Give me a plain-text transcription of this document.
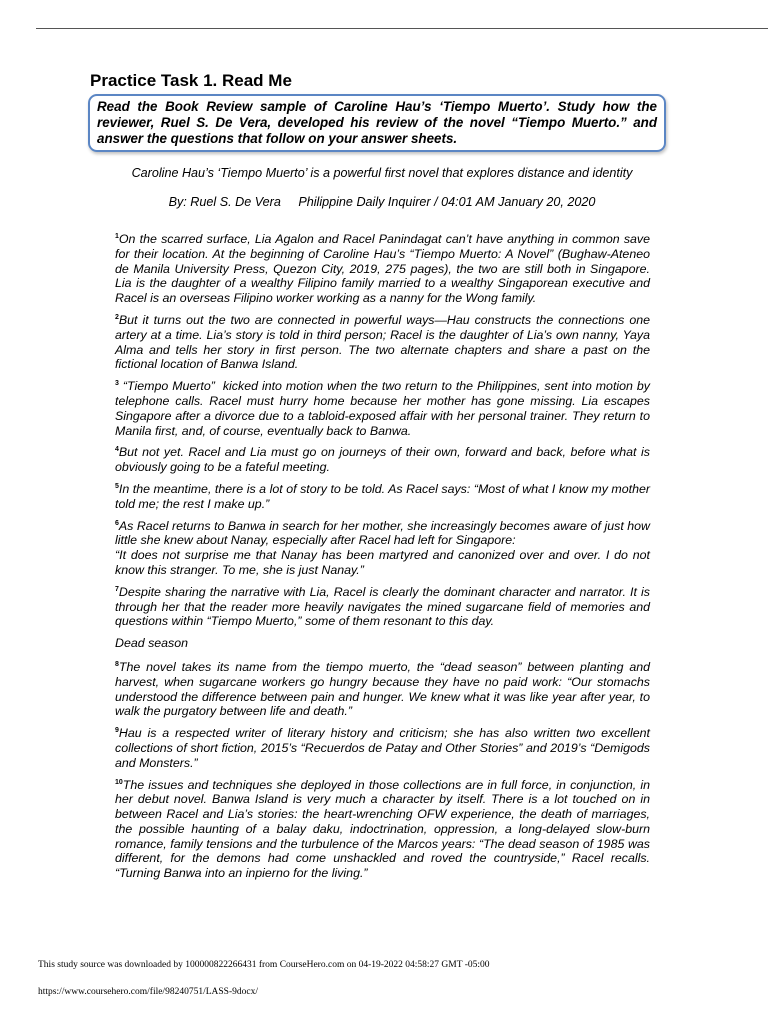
Practice Task 1. Read Me
Read the Book Review sample of Caroline Hau’s ‘Tiempo Muerto’. Study how the reviewer, Ruel S. De Vera, developed his review of the novel “Tiempo Muerto.” and answer the questions that follow on your answer sheets.
Caroline Hau’s ‘Tiempo Muerto’ is a powerful first novel that explores distance and identity
By: Ruel S. De Vera     Philippine Daily Inquirer / 04:01 AM January 20, 2020

$^1$On the scarred surface, Lia Agalon and Racel Panindagat can’t have anything in common save for their location. At the beginning of Caroline Hau’s “Tiempo Muerto: A Novel” (Bughaw-Ateneo de Manila University Press, Quezon City, 2019, 275 pages), the two are still both in Singapore. Lia is the daughter of a wealthy Filipino family married to a wealthy Singaporean executive and Racel is an overseas Filipino worker working as a nanny for the Wong family.

$^2$But it turns out the two are connected in powerful ways—Hau constructs the connections one artery at a time. Lia’s story is told in third person; Racel is the daughter of Lia’s own nanny, Yaya Alma and tells her story in first person. The two alternate chapters and share a past on the fictional location of Banwa Island.

$^3$ “Tiempo Muerto”  kicked into motion when the two return to the Philippines, sent into motion by telephone calls. Racel must hurry home because her mother has gone missing. Lia escapes Singapore after a divorce due to a tabloid-exposed affair with her personal trainer. They return to Manila first, and, of course, eventually back to Banwa.

$^4$But not yet. Racel and Lia must go on journeys of their own, forward and back, before what is obviously going to be a fateful meeting.

$^5$In the meantime, there is a lot of story to be told. As Racel says: “Most of what I know my mother told me; the rest I make up.”

$^6$As Racel returns to Banwa in search for her mother, she increasingly becomes aware of just how little she knew about Nanay, especially after Racel had left for Singapore:
“It does not surprise me that Nanay has been martyred and canonized over and over. I do not know this stranger. To me, she is just Nanay.”

$^7$Despite sharing the narrative with Lia, Racel is clearly the dominant character and narrator. It is through her that the reader more heavily navigates the mined sugarcane field of memories and questions within “Tiempo Muerto,” some of them resonant to this day.

Dead season

$^8$The novel takes its name from the tiempo muerto, the “dead season” between planting and harvest, when sugarcane workers go hungry because they have no paid work: “Our stomachs understood the difference between pain and hunger. We knew what it was like year after year, to walk the purgatory between life and death.”

$^9$Hau is a respected writer of literary history and criticism; she has also written two excellent collections of short fiction, 2015’s “Recuerdos de Patay and Other Stories” and 2019’s “Demigods and Monsters.”

$^{10}$The issues and techniques she deployed in those collections are in full force, in conjunction, in her debut novel. Banwa Island is very much a character by itself. There is a lot touched on in between Racel and Lia’s stories: the heart-wrenching OFW experience, the death of marriages, the possible haunting of a balay daku, indoctrination, oppression, a long-delayed slow-burn romance, family tensions and the turbulence of the Marcos years: “The dead season of 1985 was different, for the demons had come unshackled and roved the countryside,” Racel recalls. “Turning Banwa into an inpierno for the living.”

This study source was downloaded by 100000822266431 from CourseHero.com on 04-19-2022 04:58:27 GMT -05:00
https://www.coursehero.com/file/98240751/LASS-9docx/
